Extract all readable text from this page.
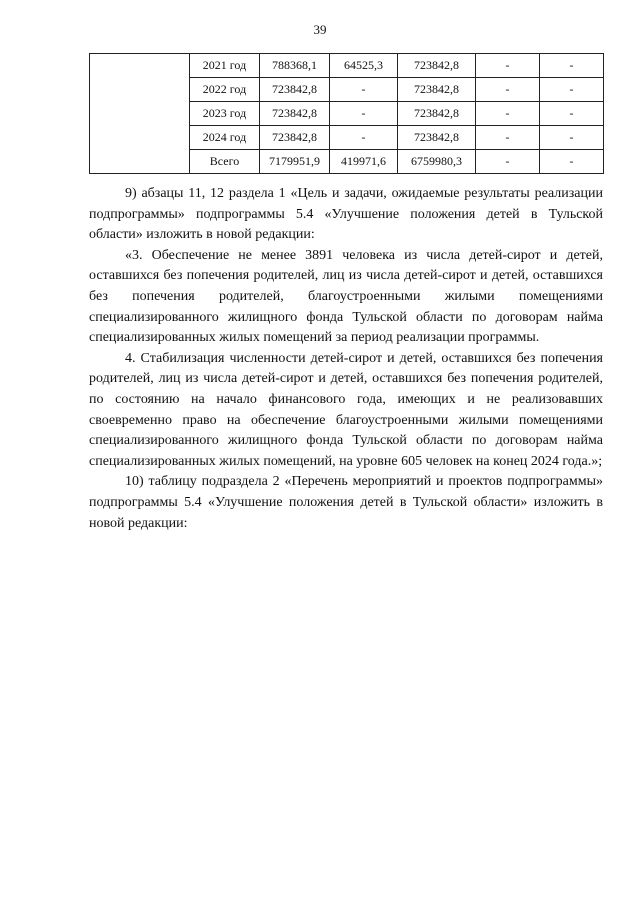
39
	2021 год	788368,1	64525,3	723842,8	-	-
	2022 год	723842,8	-	723842,8	-	-
	2023 год	723842,8	-	723842,8	-	-
	2024 год	723842,8	-	723842,8	-	-
	Всего	7179951,9	419971,6	6759980,3	-	-

9) абзацы 11, 12 раздела 1 «Цель и задачи, ожидаемые результаты реализации подпрограммы» подпрограммы 5.4 «Улучшение положения детей в Тульской области» изложить в новой редакции:

«3. Обеспечение не менее 3891 человека из числа детей-сирот и детей, оставшихся без попечения родителей, лиц из числа детей-сирот и детей, оставшихся без попечения родителей, благоустроенными жилыми помещениями специализированного жилищного фонда Тульской области по договорам найма специализированных жилых помещений за период реализации программы.

4. Стабилизация численности детей-сирот и детей, оставшихся без попечения родителей, лиц из числа детей-сирот и детей, оставшихся без попечения родителей, по состоянию на начало финансового года, имеющих и не реализовавших своевременно право на обеспечение благоустроенными жилыми помещениями специализированного жилищного фонда Тульской области по договорам найма специализированных жилых помещений, на уровне 605 человек на конец 2024 года.»;

10) таблицу подраздела 2 «Перечень мероприятий и проектов подпрограммы» подпрограммы 5.4 «Улучшение положения детей в Тульской области» изложить в новой редакции:
